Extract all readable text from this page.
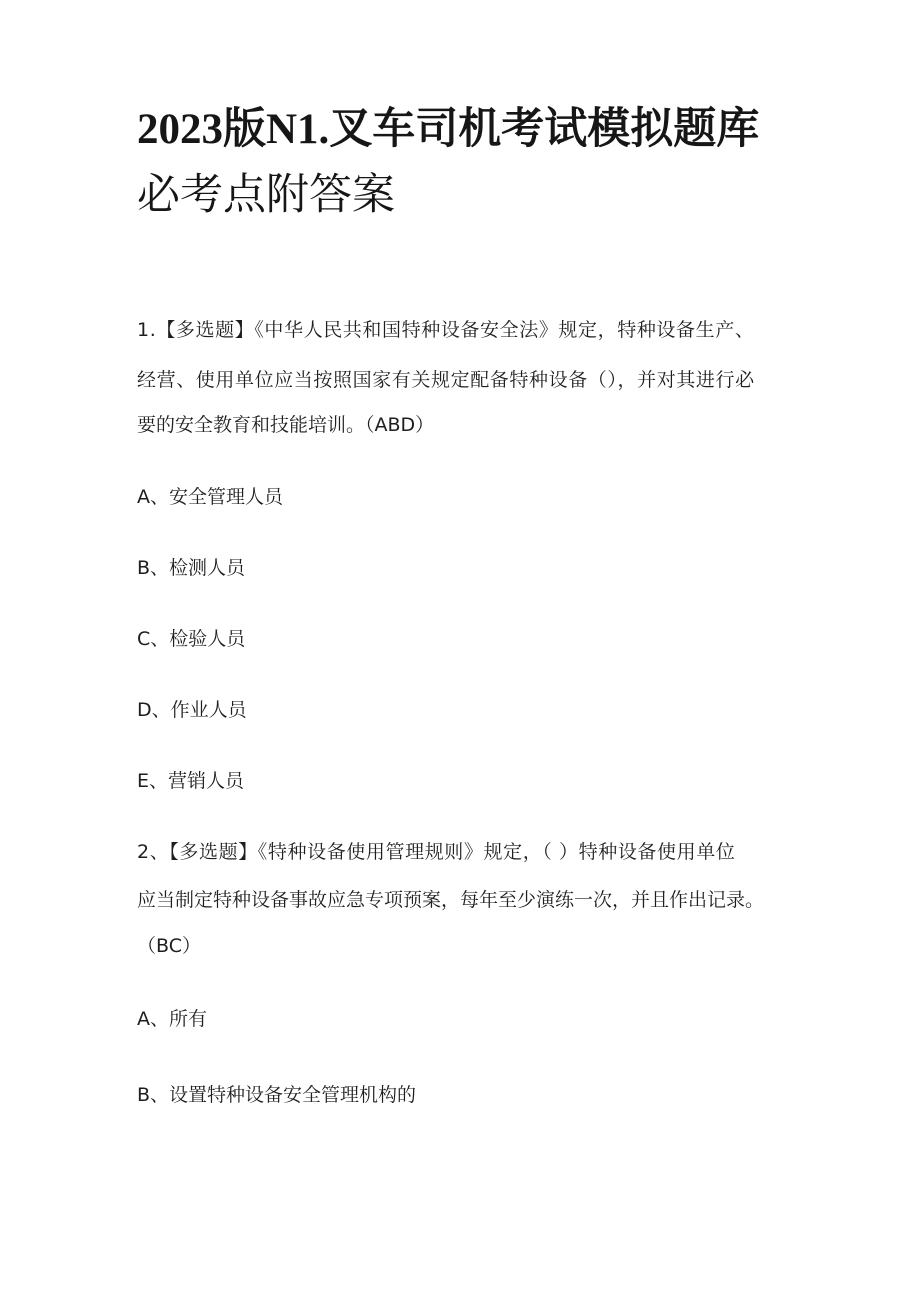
2023版N1.叉车司机考试模拟题库
必考点附答案

1.【多选题】《中华人民共和国特种设备安全法》规定，特种设备生产、

经营、使用单位应当按照国家有关规定配备特种设备（），并对其进行必

要的安全教育和技能培训。（ABD）

A、安全管理人员

B、检测人员

C、检验人员

D、作业人员

E、营销人员

2、【多选题】《特种设备使用管理规则》规定，（ ）特种设备使用单位

应当制定特种设备事故应急专项预案，每年至少演练一次，并且作出记录。

（BC）

A、所有

B、设置特种设备安全管理机构的
